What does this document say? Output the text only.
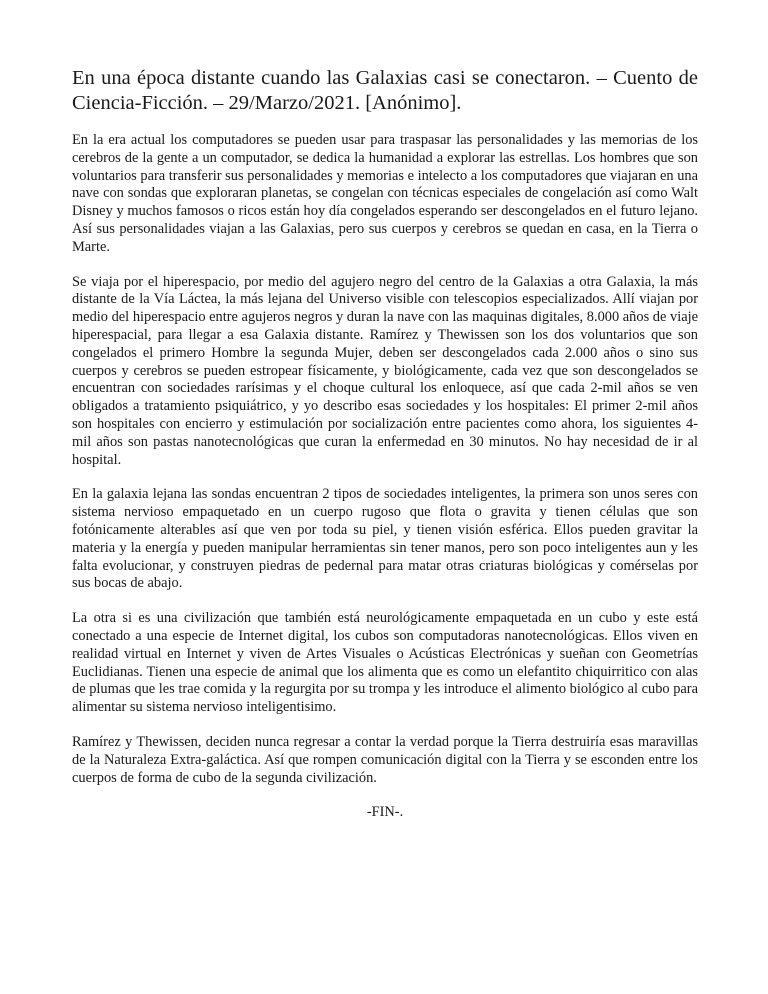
En una época distante cuando las Galaxias casi se conectaron. – Cuento de Ciencia-Ficción. – 29/Marzo/2021. [Anónimo].

En la era actual los computadores se pueden usar para traspasar las personalidades y las memorias de los cerebros de la gente a un computador, se dedica la humanidad a explorar las estrellas. Los hombres que son voluntarios para transferir sus personalidades y memorias e intelecto a los computadores que viajaran en una nave con sondas que exploraran planetas, se congelan con técnicas especiales de congelación así como Walt Disney y muchos famosos o ricos están hoy día congelados esperando ser descongelados en el futuro lejano. Así sus personalidades viajan a las Galaxias, pero sus cuerpos y cerebros se quedan en casa, en la Tierra o Marte.

Se viaja por el hiperespacio, por medio del agujero negro del centro de la Galaxias a otra Galaxia, la más distante de la Vía Láctea, la más lejana del Universo visible con telescopios especializados. Allí viajan por medio del hiperespacio entre agujeros negros y duran la nave con las maquinas digitales, 8.000 años de viaje hiperespacial, para llegar a esa Galaxia distante. Ramírez y Thewissen son los dos voluntarios que son congelados el primero Hombre la segunda Mujer, deben ser descongelados cada 2.000 años o sino sus cuerpos y cerebros se pueden estropear físicamente, y biológicamente, cada vez que son descongelados se encuentran con sociedades rarísimas y el choque cultural los enloquece, así que cada 2-mil años se ven obligados a tratamiento psiquiátrico, y yo describo esas sociedades y los hospitales: El primer 2-mil años son hospitales con encierro y estimulación por socialización entre pacientes como ahora, los siguientes 4-mil años son pastas nanotecnológicas que curan la enfermedad en 30 minutos. No hay necesidad de ir al hospital.

En la galaxia lejana las sondas encuentran 2 tipos de sociedades inteligentes, la primera son unos seres con sistema nervioso empaquetado en un cuerpo rugoso que flota o gravita y tienen células que son fotónicamente alterables así que ven por toda su piel, y tienen visión esférica. Ellos pueden gravitar la materia y la energía y pueden manipular herramientas sin tener manos, pero son poco inteligentes aun y les falta evolucionar, y construyen piedras de pedernal para matar otras criaturas biológicas y comérselas por sus bocas de abajo.

La otra si es una civilización que también está neurológicamente empaquetada en un cubo y este está conectado a una especie de Internet digital, los cubos son computadoras nanotecnológicas. Ellos viven en realidad virtual en Internet y viven de Artes Visuales o Acústicas Electrónicas y sueñan con Geometrías Euclidianas. Tienen una especie de animal que los alimenta que es como un elefantito chiquirritico con alas de plumas que les trae comida y la regurgita por su trompa y les introduce el alimento biológico al cubo para alimentar su sistema nervioso inteligentisimo.

Ramírez y Thewissen, deciden nunca regresar a contar la verdad porque la Tierra destruiría esas maravillas de la Naturaleza Extra-galáctica. Así que rompen comunicación digital con la Tierra y se esconden entre los cuerpos de forma de cubo de la segunda civilización.

-FIN-.
